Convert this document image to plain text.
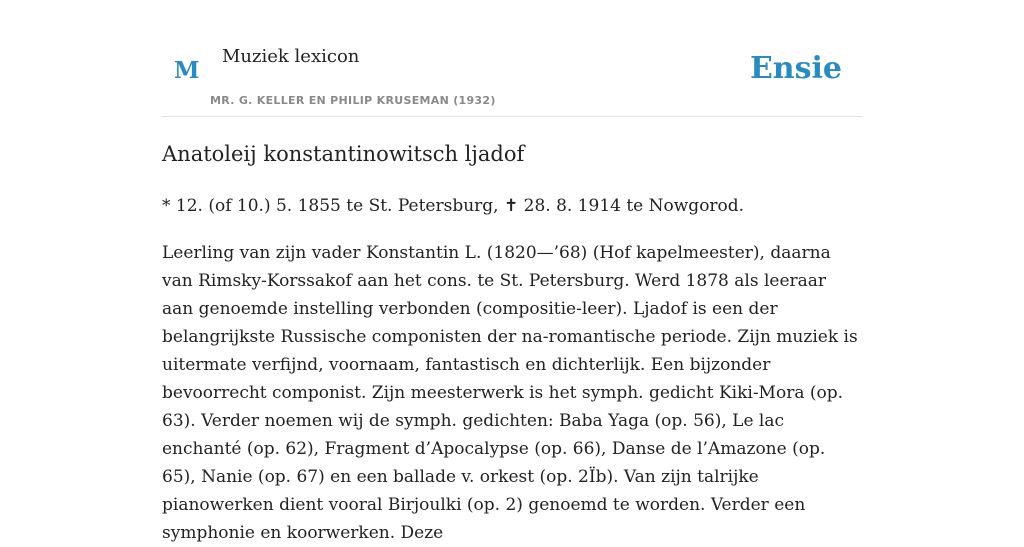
M
Muziek lexicon
MR. G. KELLER EN PHILIP KRUSEMAN (1932)
Ensie
Anatoleij konstantinowitsch ljadof

* 12. (of 10.) 5. 1855 te St. Petersburg, ✝ 28. 8. 1914 te Nowgorod.

Leerling van zijn vader Konstantin L. (1820—’68) (Hof kapelmeester), daarna van Rimsky-Korssakof aan het cons. te St. Petersburg. Werd 1878 als leeraar aan genoemde instelling verbonden (compositie-leer). Ljadof is een der belangrijkste Russische componisten der na-romantische periode. Zijn muziek is uitermate verfijnd, voornaam, fantastisch en dichterlijk. Een bijzonder bevoorrecht componist. Zijn meesterwerk is het symph. gedicht Kiki-Mora (op. 63). Verder noemen wij de symph. gedichten: Baba Yaga (op. 56), Le lac enchanté (op. 62), Fragment d’Apocalypse (op. 66), Danse de l’Amazone (op. 65), Nanie (op. 67) en een ballade v. orkest (op. 2Ïb). Van zijn talrijke pianowerken dient vooral Birjoulki (op. 2) genoemd te worden. Verder een symphonie en koorwerken. Deze
